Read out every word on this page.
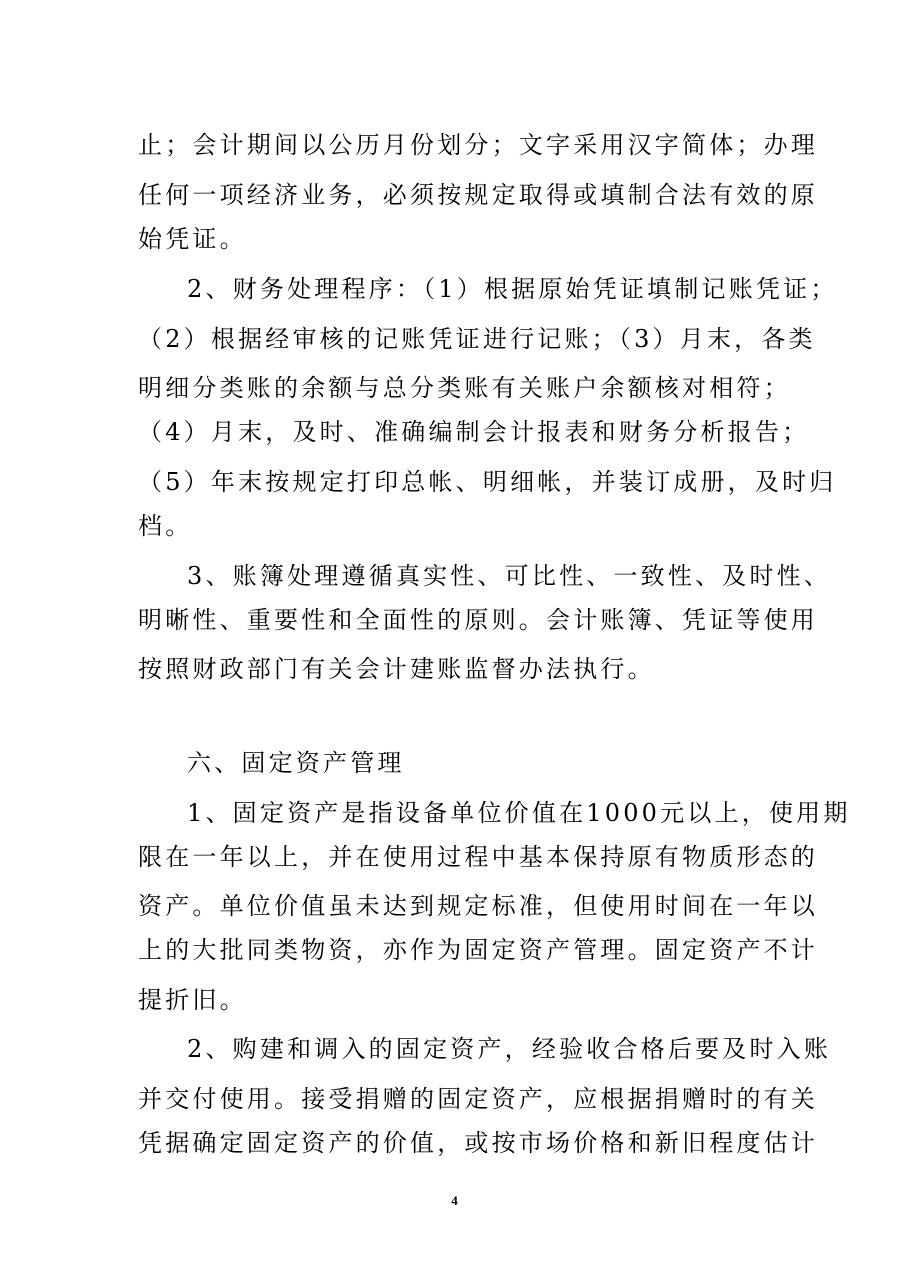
止；会计期间以公历月份划分；文字采用汉字简体；办理
任何一项经济业务，必须按规定取得或填制合法有效的原
始凭证。
2、财务处理程序：（1）根据原始凭证填制记账凭证；
（2）根据经审核的记账凭证进行记账；（3）月末，各类
明细分类账的余额与总分类账有关账户余额核对相符；
（4）月末，及时、准确编制会计报表和财务分析报告；
（5）年末按规定打印总帐、明细帐，并装订成册，及时归
档。
3、账簿处理遵循真实性、可比性、一致性、及时性、
明晰性、重要性和全面性的原则。会计账簿、凭证等使用
按照财政部门有关会计建账监督办法执行。
六、固定资产管理
1、固定资产是指设备单位价值在1000元以上，使用期
限在一年以上，并在使用过程中基本保持原有物质形态的
资产。单位价值虽未达到规定标准，但使用时间在一年以
上的大批同类物资，亦作为固定资产管理。固定资产不计
提折旧。
2、购建和调入的固定资产，经验收合格后要及时入账
并交付使用。接受捐赠的固定资产，应根据捐赠时的有关
凭据确定固定资产的价值，或按市场价格和新旧程度估计
4
